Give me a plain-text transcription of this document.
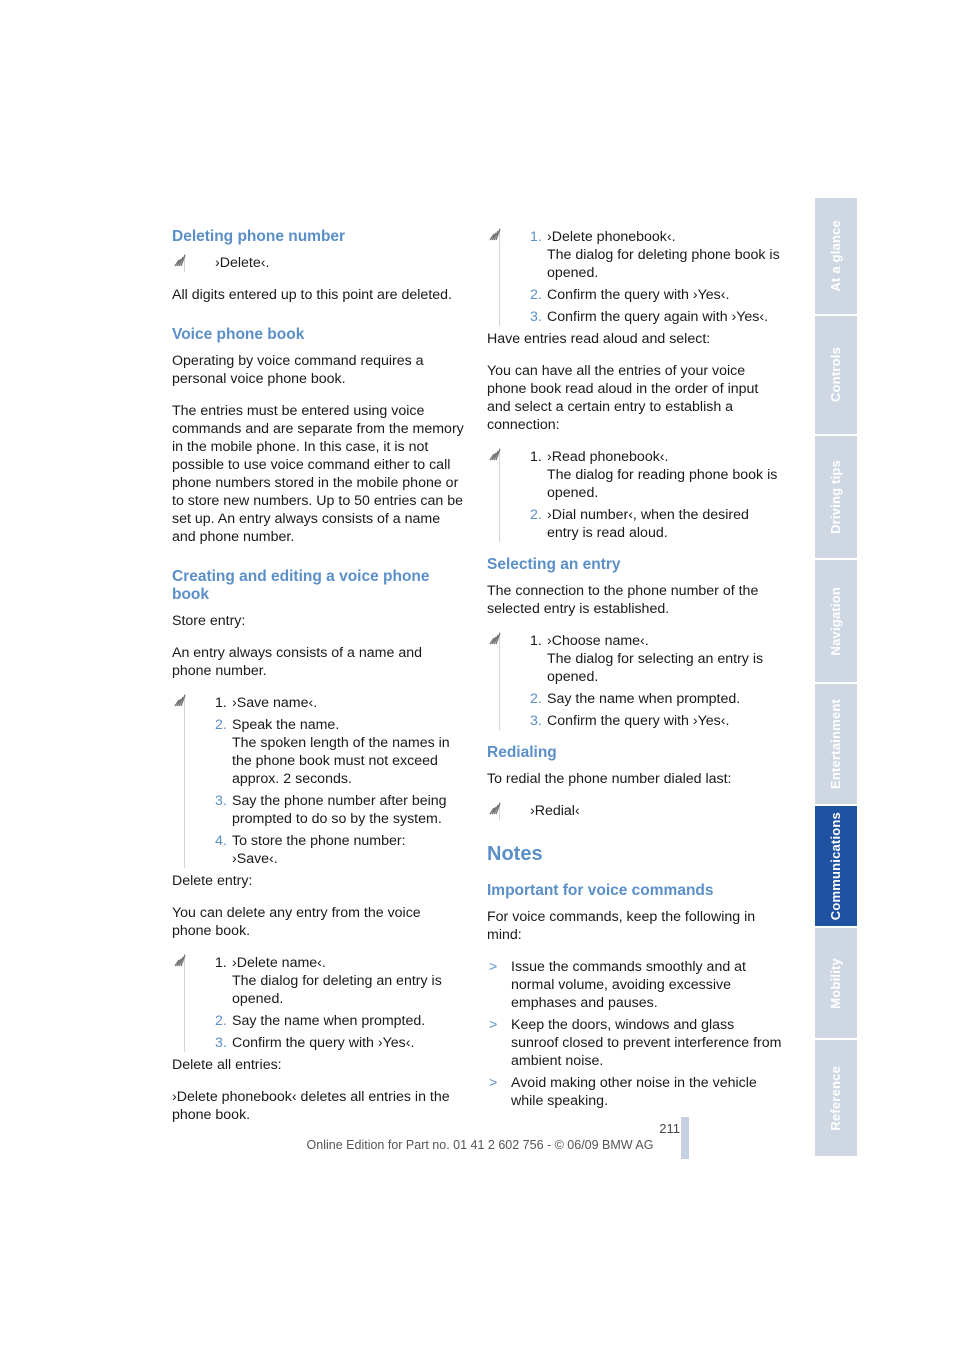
Deleting phone number

›Delete‹.

All digits entered up to this point are deleted.

Voice phone book

Operating by voice command requires a personal voice phone book.

The entries must be entered using voice commands and are separate from the memory in the mobile phone. In this case, it is not possible to use voice command either to call phone numbers stored in the mobile phone or to store new numbers. Up to 50 entries can be set up. An entry always consists of a name and phone number.

Creating and editing a voice phone book

Store entry:

An entry always consists of a name and phone number.

1. ›Save name‹.
2. Speak the name.
The spoken length of the names in the phone book must not exceed approx. 2 seconds.
3. Say the phone number after being prompted to do so by the system.
4. To store the phone number:
›Save‹.

Delete entry:

You can delete any entry from the voice phone book.

1. ›Delete name‹.
The dialog for deleting an entry is opened.
2. Say the name when prompted.
3. Confirm the query with ›Yes‹.

Delete all entries:

›Delete phonebook‹ deletes all entries in the phone book.

1. ›Delete phonebook‹.
The dialog for deleting phone book is opened.
2. Confirm the query with ›Yes‹.
3. Confirm the query again with ›Yes‹.

Have entries read aloud and select:

You can have all the entries of your voice phone book read aloud in the order of input and select a certain entry to establish a connection:

1. ›Read phonebook‹.
The dialog for reading phone book is opened.
2. ›Dial number‹, when the desired entry is read aloud.
Selecting an entry

The connection to the phone number of the selected entry is established.

1. ›Choose name‹.
The dialog for selecting an entry is opened.
2. Say the name when prompted.
3. Confirm the query with ›Yes‹.
Redialing

To redial the phone number dialed last:

›Redial‹

Notes
Important for voice commands

For voice commands, keep the following in mind:

> Issue the commands smoothly and at normal volume, avoiding excessive emphases and pauses.
> Keep the doors, windows and glass sunroof closed to prevent interference from ambient noise.
> Avoid making other noise in the vehicle while speaking.
At a glance
Controls
Driving tips
Navigation
Entertainment
Communications
Mobility
Reference
211
Online Edition for Part no. 01 41 2 602 756 - © 06/09 BMW AG
